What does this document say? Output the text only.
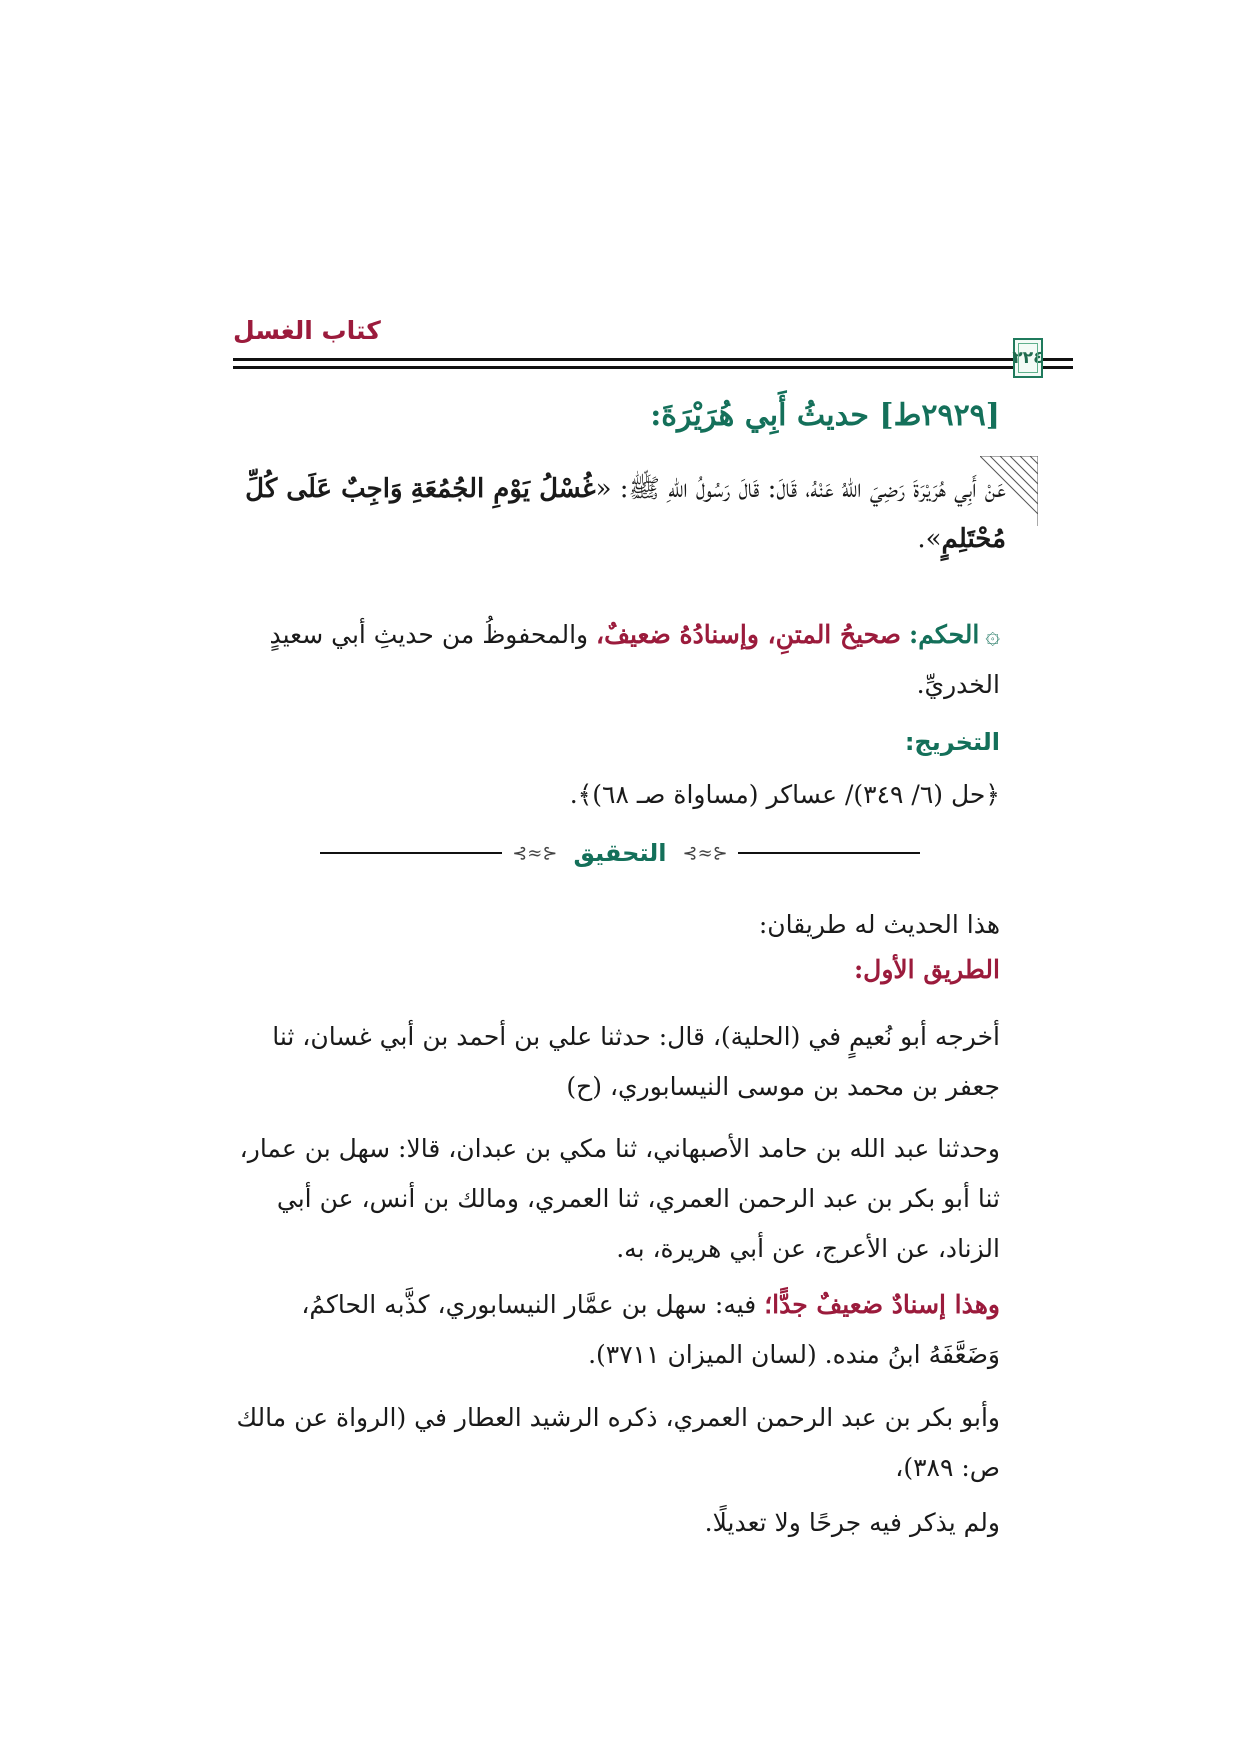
كتاب الغسل
٢٢٤
[٢٩٢٩ط] حديثُ أَبِي هُرَيْرَةَ:

عَنْ أَبِي هُرَيْرَةَ رَضِيَ اللهُ عَنْهُ، قَالَ: قَالَ رَسُولُ اللهِ ﷺ: «غُسْلُ يَوْمِ الجُمُعَةِ وَاجِبٌ عَلَى كُلِّ مُحْتَلِمٍ».

۞الحكم: صحيحُ المتنِ، وإسنادُهُ ضعيفٌ، والمحفوظُ من حديثِ أبي سعيدٍ الخدريِّ.

التخريج:

﴿حل (٦/ ٣٤٩)/ عساكر (مساواة صـ ٦٨)﴾.

⊰≈⊱
التحقيق
⊰≈⊱

هذا الحديث له طريقان:

الطريق الأول:

أخرجه أبو نُعيمٍ في (الحلية)، قال: حدثنا علي بن أحمد بن أبي غسان، ثنا جعفر بن محمد بن موسى النيسابوري، (ح)

وحدثنا عبد الله بن حامد الأصبهاني، ثنا مكي بن عبدان، قالا: سهل بن عمار، ثنا أبو بكر بن عبد الرحمن العمري، ثنا العمري، ومالك بن أنس، عن أبي الزناد، عن الأعرج، عن أبي هريرة، به.

وهذا إسنادٌ ضعيفٌ جدًّا؛ فيه: سهل بن عمَّار النيسابوري، كذَّبه الحاكمُ، وَضَعَّفَهُ ابنُ منده. (لسان الميزان ٣٧١١).

وأبو بكر بن عبد الرحمن العمري، ذكره الرشيد العطار في (الرواة عن مالك ص: ٣٨٩)،

ولم يذكر فيه جرحًا ولا تعديلًا.
